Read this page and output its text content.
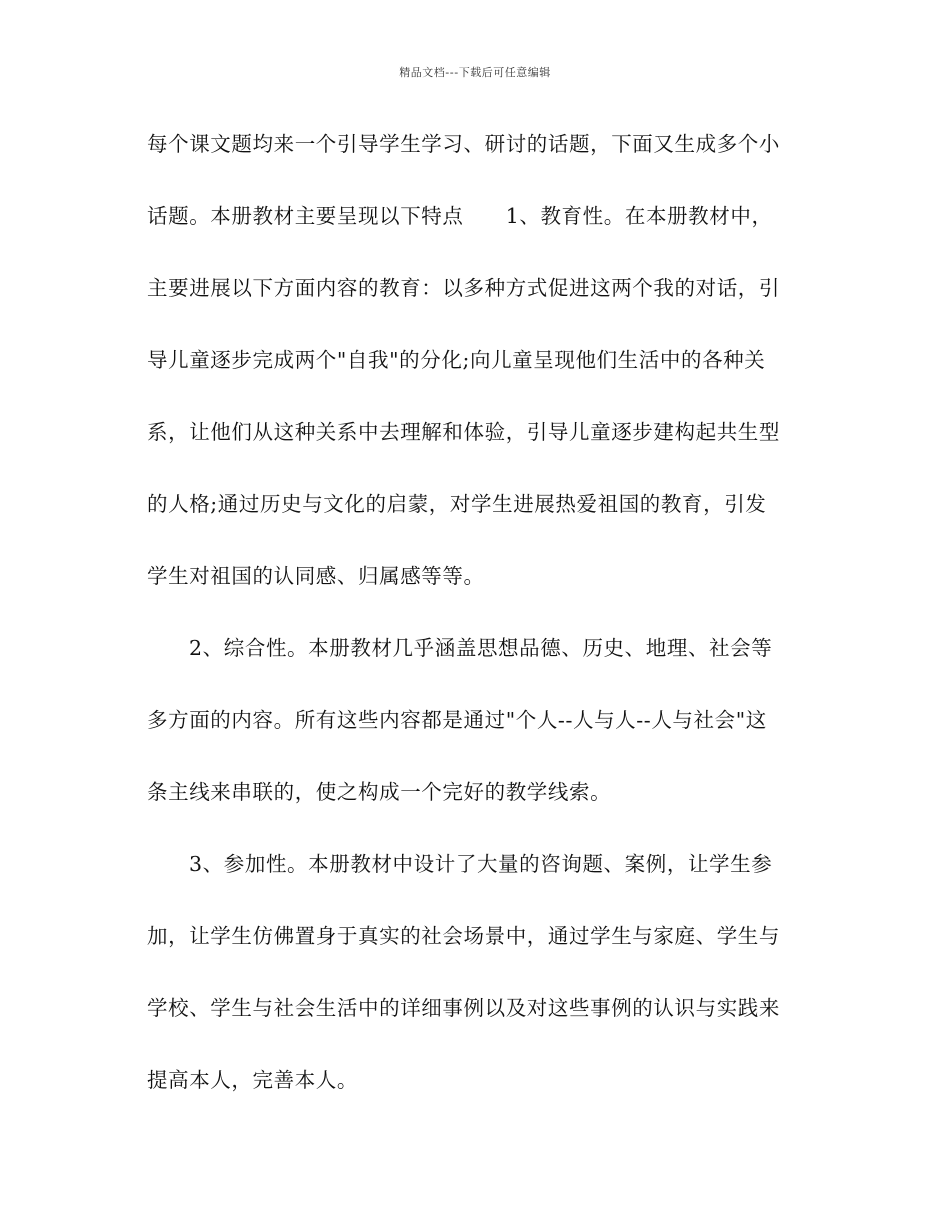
精品文档---下载后可任意编辑
每个课文题均来一个引导学生学习、研讨的话题，下面又生成多个小
话题。本册教材主要呈现以下特点　　1、教育性。在本册教材中，
主要进展以下方面内容的教育：以多种方式促进这两个我的对话，引
导儿童逐步完成两个"自我"的分化;向儿童呈现他们生活中的各种关
系，让他们从这种关系中去理解和体验，引导儿童逐步建构起共生型
的人格;通过历史与文化的启蒙，对学生进展热爱祖国的教育，引发
学生对祖国的认同感、归属感等等。
2、综合性。本册教材几乎涵盖思想品德、历史、地理、社会等
多方面的内容。所有这些内容都是通过"个人--人与人--人与社会"这
条主线来串联的，使之构成一个完好的教学线索。
3、参加性。本册教材中设计了大量的咨询题、案例，让学生参
加，让学生仿佛置身于真实的社会场景中，通过学生与家庭、学生与
学校、学生与社会生活中的详细事例以及对这些事例的认识与实践来
提高本人，完善本人。
